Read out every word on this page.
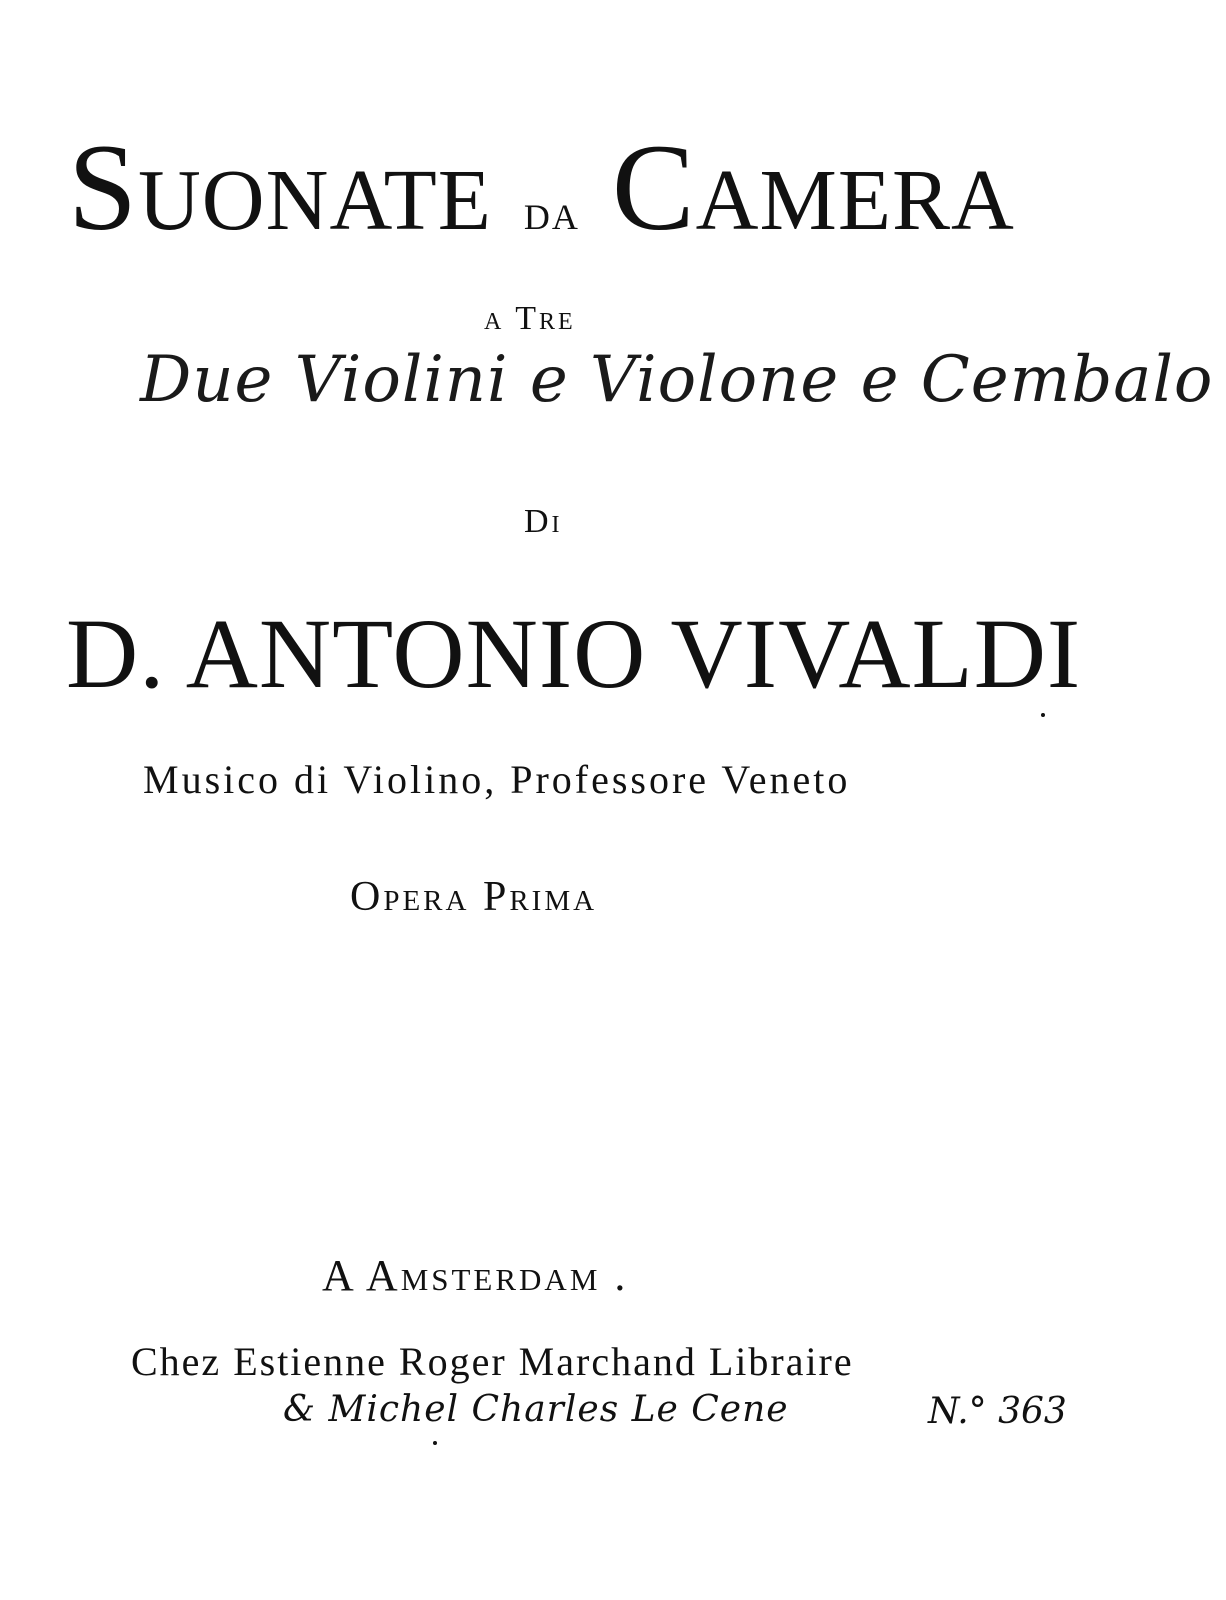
Suonate da Camera
a Tre
Due Violini e Violone e Cembalo
Di
D. ANTONIO VIVALDI
Musico di Violino, Professore Veneto
Opera Prima
A Amsterdam .
Chez Estienne Roger Marchand Libraire
& Michel Charles Le Cene	N.° 363
